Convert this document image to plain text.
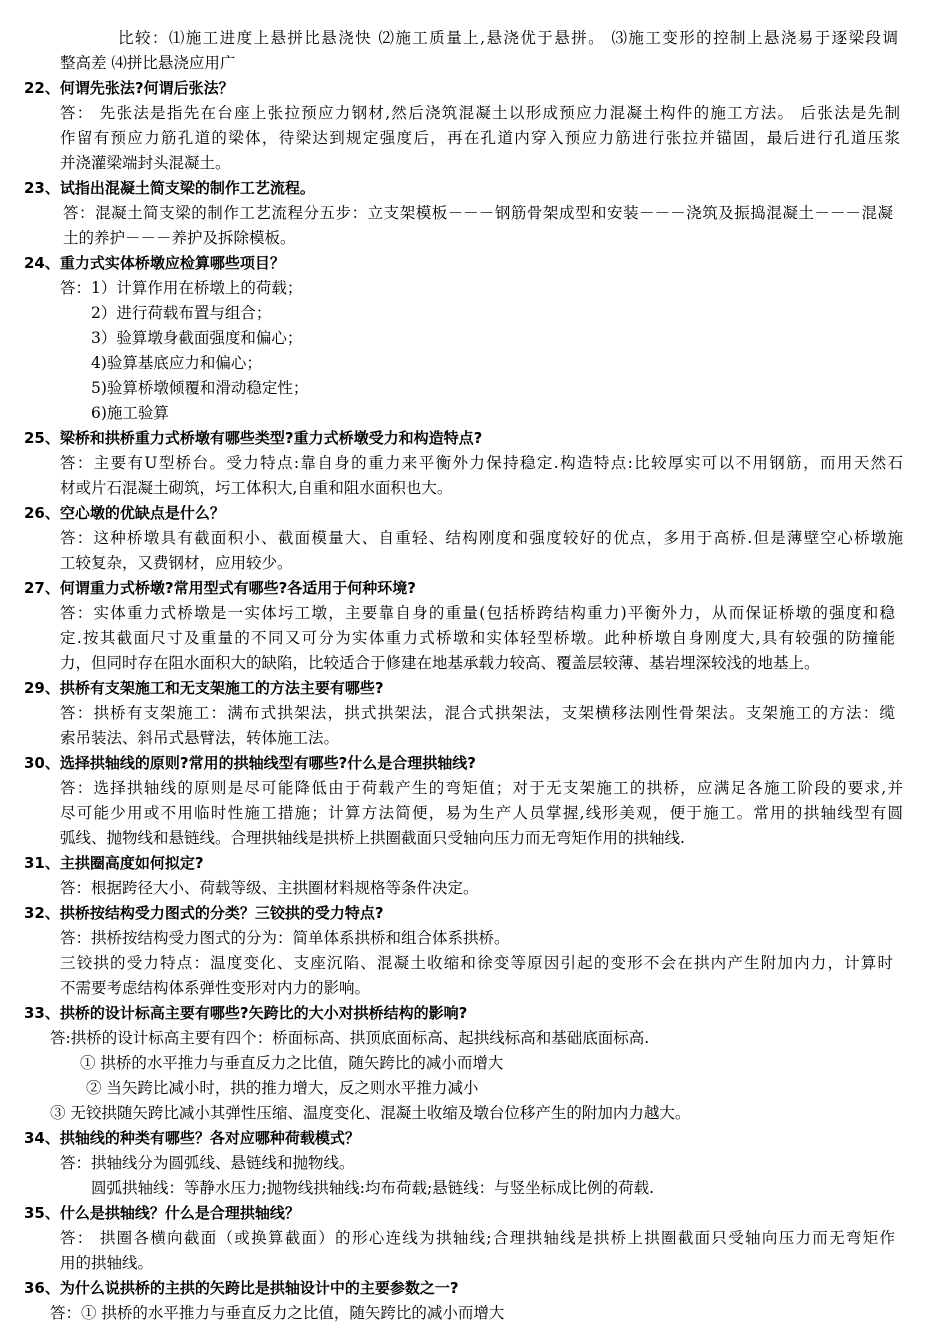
比较：⑴施工进度上悬拼比悬浇快 ⑵施工质量上,悬浇优于悬拼。 ⑶施工变形的控制上悬浇易于逐梁段调
整高差 ⑷拼比悬浇应用广
22、何谓先张法?何谓后张法？
答： 先张法是指先在台座上张拉预应力钢材,然后浇筑混凝土以形成预应力混凝土构件的施工方法。 后张法是先制
作留有预应力筋孔道的梁体，待梁达到规定强度后，再在孔道内穿入预应力筋进行张拉并锚固，最后进行孔道压浆
并浇灌梁端封头混凝土。
23、试指出混凝土简支梁的制作工艺流程。
答：混凝土简支梁的制作工艺流程分五步：立支架模板－－－钢筋骨架成型和安装－－－浇筑及振捣混凝土－－－混凝
土的养护－－－养护及拆除模板。
24、重力式实体桥墩应检算哪些项目？
答：1）计算作用在桥墩上的荷载；
2）进行荷载布置与组合；
3）验算墩身截面强度和偏心；
4)验算基底应力和偏心；
5)验算桥墩倾覆和滑动稳定性；
6)施工验算
25、梁桥和拱桥重力式桥墩有哪些类型?重力式桥墩受力和构造特点?
答：主要有U型桥台。受力特点:靠自身的重力来平衡外力保持稳定.构造特点:比较厚实可以不用钢筋，而用天然石
材或片石混凝土砌筑，圬工体积大,自重和阻水面积也大。
26、空心墩的优缺点是什么？
答：这种桥墩具有截面积小、截面模量大、自重轻、结构刚度和强度较好的优点，多用于高桥.但是薄壁空心桥墩施
工较复杂，又费钢材，应用较少。
27、何谓重力式桥墩?常用型式有哪些?各适用于何种环境?
答：实体重力式桥墩是一实体圬工墩，主要靠自身的重量(包括桥跨结构重力)平衡外力，从而保证桥墩的强度和稳
定.按其截面尺寸及重量的不同又可分为实体重力式桥墩和实体轻型桥墩。此种桥墩自身刚度大,具有较强的防撞能
力，但同时存在阻水面积大的缺陷，比较适合于修建在地基承载力较高、覆盖层较薄、基岩埋深较浅的地基上。
29、拱桥有支架施工和无支架施工的方法主要有哪些?
答：拱桥有支架施工：满布式拱架法，拱式拱架法，混合式拱架法，支架横移法刚性骨架法。支架施工的方法：缆
索吊装法、斜吊式悬臂法，转体施工法。
30、选择拱轴线的原则?常用的拱轴线型有哪些?什么是合理拱轴线?
答：选择拱轴线的原则是尽可能降低由于荷载产生的弯矩值；对于无支架施工的拱桥，应满足各施工阶段的要求,并
尽可能少用或不用临时性施工措施；计算方法简便，易为生产人员掌握,线形美观，便于施工。常用的拱轴线型有圆
弧线、抛物线和悬链线。合理拱轴线是拱桥上拱圈截面只受轴向压力而无弯矩作用的拱轴线.
31、主拱圈高度如何拟定?
答：根据跨径大小、荷载等级、主拱圈材料规格等条件决定。
32、拱桥按结构受力图式的分类？三铰拱的受力特点?
答：拱桥按结构受力图式的分为：简单体系拱桥和组合体系拱桥。
三铰拱的受力特点：温度变化、支座沉陷、混凝土收缩和徐变等原因引起的变形不会在拱内产生附加内力，计算时
不需要考虑结构体系弹性变形对内力的影响。
33、拱桥的设计标高主要有哪些?矢跨比的大小对拱桥结构的影响?
答:拱桥的设计标高主要有四个：桥面标高、拱顶底面标高、起拱线标高和基础底面标高.
① 拱桥的水平推力与垂直反力之比值，随矢跨比的减小而增大
② 当矢跨比减小时，拱的推力增大，反之则水平推力减小
③ 无铰拱随矢跨比减小其弹性压缩、温度变化、混凝土收缩及墩台位移产生的附加内力越大。
34、拱轴线的种类有哪些？各对应哪种荷载模式？
答：拱轴线分为圆弧线、悬链线和抛物线。
圆弧拱轴线：等静水压力;抛物线拱轴线:均布荷载;悬链线：与竖坐标成比例的荷载.
35、什么是拱轴线？什么是合理拱轴线？
答： 拱圈各横向截面（或换算截面）的形心连线为拱轴线;合理拱轴线是拱桥上拱圈截面只受轴向压力而无弯矩作
用的拱轴线。
36、为什么说拱桥的主拱的矢跨比是拱轴设计中的主要参数之一?
答：① 拱桥的水平推力与垂直反力之比值，随矢跨比的减小而增大
